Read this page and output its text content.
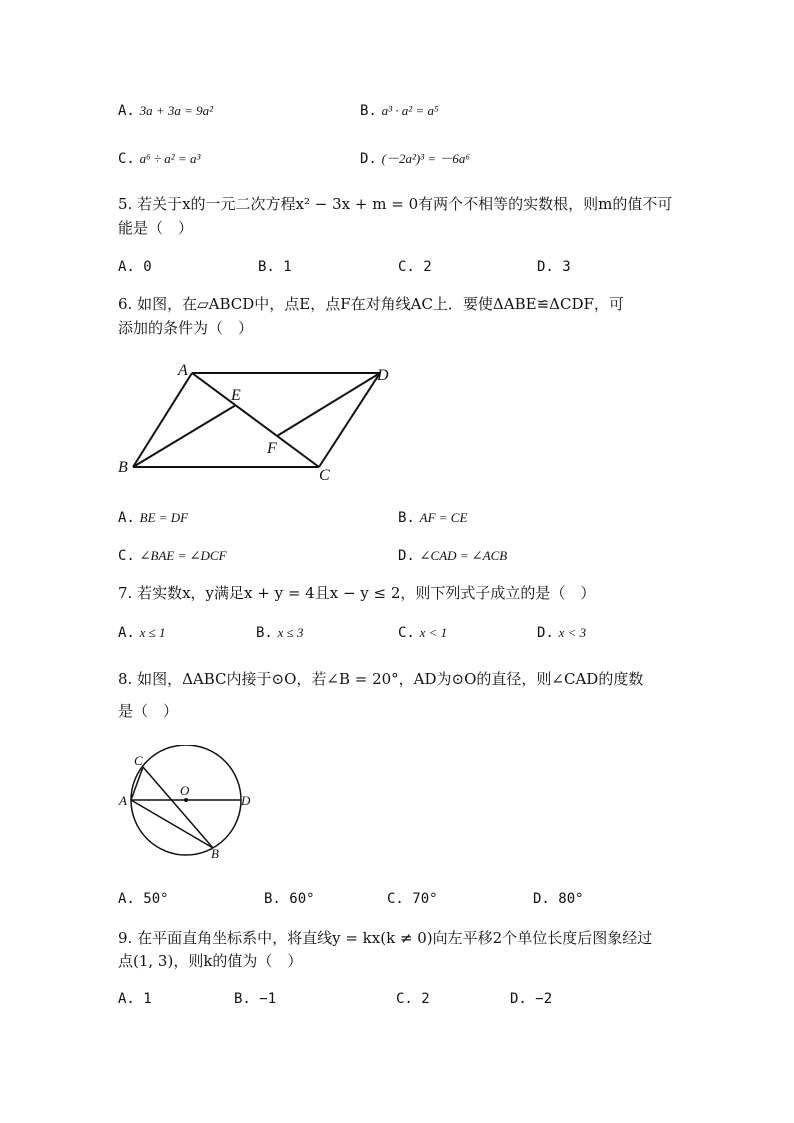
A. 3a + 3a = 9a²	B. a³ · a² = a⁵
C. a⁶ ÷ a² = a³	D. (－2a²)³ = －6a⁶
5. 若关于x的一元二次方程x² − 3x + m = 0有两个不相等的实数根，则m的值不可
能是（　）
A. 0	B. 1	C. 2	D. 3
6. 如图，在▱ABCD中，点E，点F在对角线AC上．要使ΔABE≌ΔCDF，可
添加的条件为（　）
A	D
E
F
B	C
A. BE = DF	B. AF = CE
C. ∠BAE = ∠DCF	D. ∠CAD = ∠ACB
7. 若实数x，y满足x + y = 4且x − y ≤ 2，则下列式子成立的是（　）
A. x ≤ 1	B. x ≤ 3	C. x < 1	D. x < 3
8. 如图，ΔABC内接于⊙O，若∠B = 20°，AD为⊙O的直径，则∠CAD的度数
是（　）
C
O
A	D
B
A. 50°	B. 60°	C. 70°	D. 80°
9. 在平面直角坐标系中，将直线y = kx(k ≠ 0)向左平移2个单位长度后图象经过
点(1, 3)，则k的值为（　）
A. 1	B. −1	C. 2	D. −2
